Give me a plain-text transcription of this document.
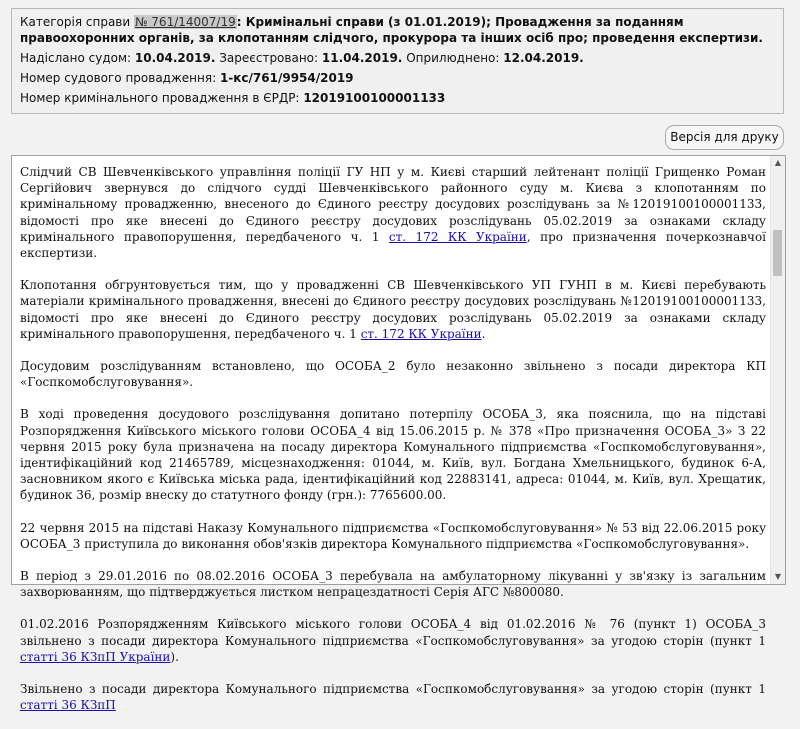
Категорія справи № 761/14007/19: Кримінальні справи (з 01.01.2019); Провадження за поданням правоохоронних органів, за клопотанням слідчого, прокурора та інших осіб про; проведення експертизи.

Надіслано судом: 10.04.2019. Зареєстровано: 11.04.2019. Оприлюднено: 12.04.2019.

Номер судового провадження: 1-кс/761/9954/2019

Номер кримінального провадження в ЄРДР: 12019100100001133

Версія для друку

Слідчий СВ Шевченківського управління поліції ГУ НП у м. Києві старший лейтенант поліції Грищенко Роман Сергійович звернувся до слідчого судді Шевченківського районного суду м. Києва з клопотанням по кримінальному провадженню, внесеного до Єдиного реєстру досудових розслідувань за №12019100100001133, відомості про яке внесені до Єдиного реєстру досудових розслідувань 05.02.2019 за ознаками складу кримінального правопорушення, передбаченого ч. 1 ст. 172 КК України, про призначення почеркознавчої експертизи.

Клопотання обгрунтовується тим, що у провадженні СВ Шевченківського УП ГУНП в м. Києві перебувають матеріали кримінального провадження, внесені до Єдиного реєстру досудових розслідувань №12019100100001133, відомості про яке внесені до Єдиного реєстру досудових розслідувань 05.02.2019 за ознаками складу кримінального правопорушення, передбаченого ч. 1 ст. 172 КК України.

Досудовим розслідуванням встановлено, що ОСОБА_2 було незаконно звільнено з посади директора КП «Госпкомобслуговування».

В ході проведення досудового розслідування допитано потерпілу ОСОБА_3, яка пояснила, що на підставі Розпорядження Київського міського голови ОСОБА_4 від 15.06.2015 р. № 378 «Про призначення ОСОБА_3» З 22 червня 2015 року була призначена на посаду директора Комунального підприємства «Госпкомобслуговування», ідентифікаційний код 21465789, місцезнаходження: 01044, м. Київ, вул. Богдана Хмельницького, будинок 6-А, засновником якого є Київська міська рада, ідентифікаційний код 22883141, адреса: 01044, м. Київ, вул. Хрещатик, будинок 36, розмір внеску до статутного фонду (грн.): 7765600.00.

22 червня 2015 на підставі Наказу Комунального підприємства «Госпкомобслуговування» № 53 від 22.06.2015 року ОСОБА_3 приступила до виконання обов'язків директора Комунального підприємства «Госпкомобслуговування».

В період з 29.01.2016 по 08.02.2016 ОСОБА_3 перебувала на амбулаторному лікуванні у зв'язку із загальним захворюванням, що підтверджується листком непрацездатності Серія АГС №800080.

01.02.2016 Розпорядженням Київського міського голови ОСОБА_4 від 01.02.2016 № 76 (пункт 1) ОСОБА_3 звільнено з посади директора Комунального підприємства «Госпкомобслуговування» за угодою сторін (пункт 1 статті 36 КЗпП України).

Звільнено з посади директора Комунального підприємства «Госпкомобслуговування» за угодою сторін (пункт 1 статті 36 КЗпП

▲
▼
